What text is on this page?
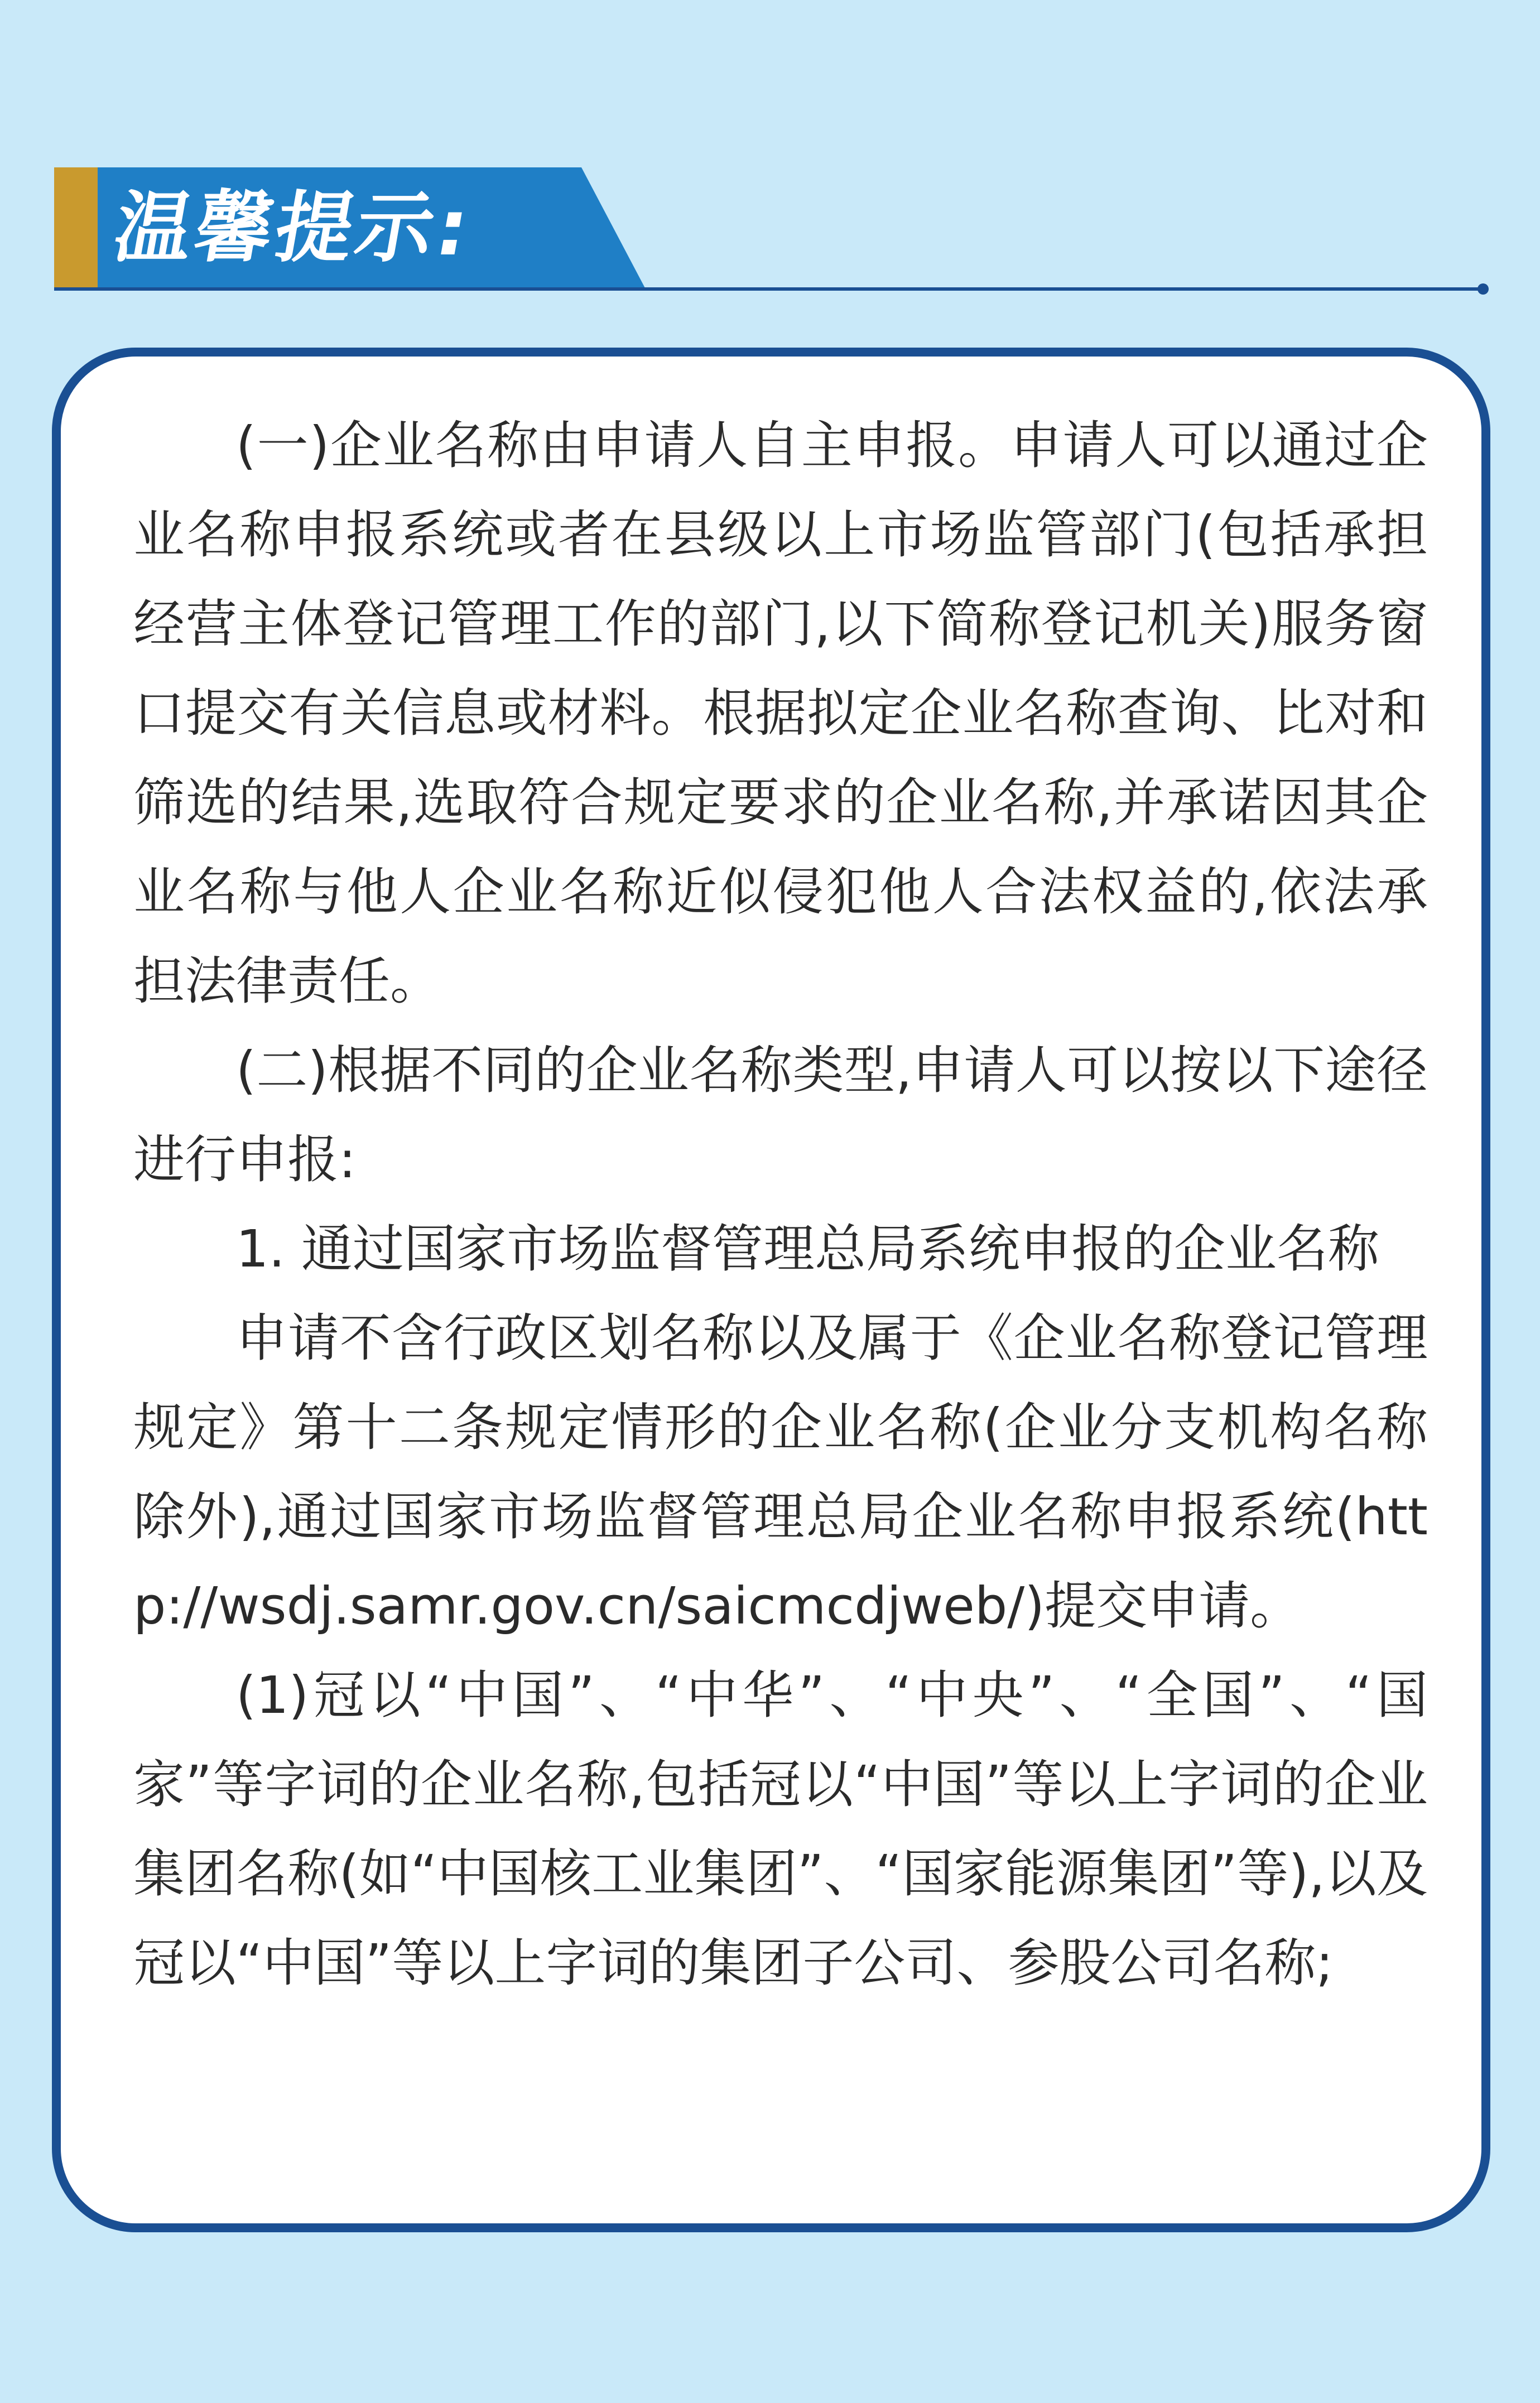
温馨提示:

(一)企业名称由申请人自主申报。申请人可以通过企业名称申报系统或者在县级以上市场监管部门(包括承担经营主体登记管理工作的部门,以下简称登记机关)服务窗口提交有关信息或材料。根据拟定企业名称查询、比对和筛选的结果,选取符合规定要求的企业名称,并承诺因其企业名称与他人企业名称近似侵犯他人合法权益的,依法承担法律责任。

(二)根据不同的企业名称类型,申请人可以按以下途径进行申报:

1. 通过国家市场监督管理总局系统申报的企业名称

申请不含行政区划名称以及属于《企业名称登记管理规定》第十二条规定情形的企业名称(企业分支机构名称除外),通过国家市场监督管理总局企业名称申报系统(http://wsdj.samr.gov.cn/saicmcdjweb/)提交申请。

(1)冠以“中国”、“中华”、“中央”、“全国”、“国家”等字词的企业名称,包括冠以“中国”等以上字词的企业集团名称(如“中国核工业集团”、“国家能源集团”等),以及冠以“中国”等以上字词的集团子公司、参股公司名称;
